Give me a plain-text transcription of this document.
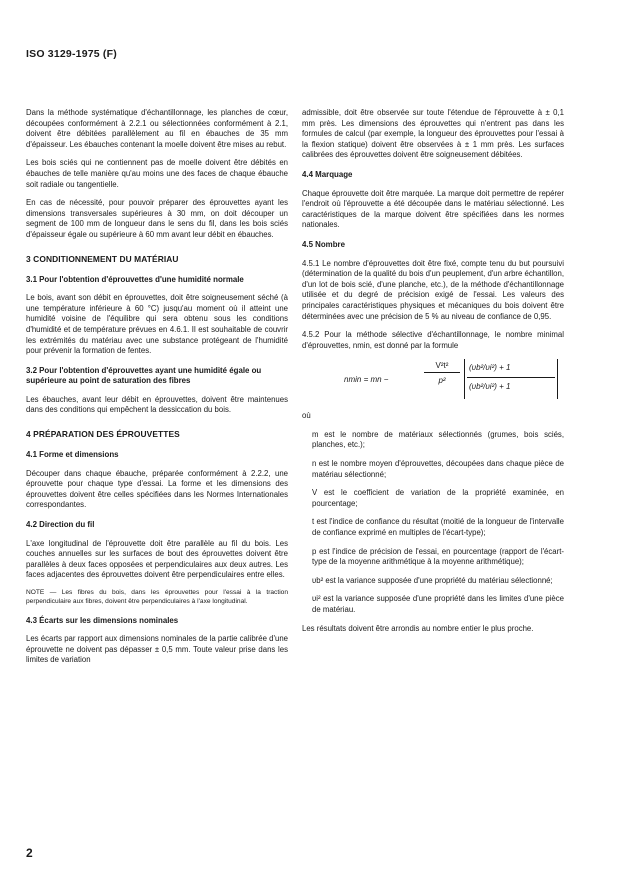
ISO 3129-1975 (F)

Dans la méthode systématique d'échantillonnage, les planches de cœur, découpées conformément à 2.2.1 ou sélectionnées conformément à 2.1, doivent être débitées parallèlement au fil en ébauches de 35 mm d'épaisseur. Les ébauches contenant la moelle doivent être mises au rebut.

Les bois sciés qui ne contiennent pas de moelle doivent être débités en ébauches de telle manière qu'au moins une des faces de chaque ébauche soit radiale ou tangentielle.

En cas de nécessité, pour pouvoir préparer des éprouvettes ayant les dimensions transversales supérieures à 30 mm, on doit découper un segment de 100 mm de longueur dans le sens du fil, dans les bois sciés d'épaisseur égale ou supérieure à 60 mm avant leur débit en ébauches.

3 CONDITIONNEMENT DU MATÉRIAU
3.1 Pour l'obtention d'éprouvettes d'une humidité normale

Le bois, avant son débit en éprouvettes, doit être soigneusement séché (à une température inférieure à 60 °C) jusqu'au moment où il atteint une humidité voisine de l'équilibre qui sera obtenu sous les conditions d'humidité et de température prévues en 4.6.1. Il est souhaitable de couvrir les extrémités du matériau avec une substance protégeant de l'humidité pour prévenir la formation de fentes.

3.2 Pour l'obtention d'éprouvettes ayant une humidité égale ou supérieure au point de saturation des fibres

Les ébauches, avant leur débit en éprouvettes, doivent être maintenues dans des conditions qui empêchent la dessiccation du bois.

4 PRÉPARATION DES ÉPROUVETTES
4.1 Forme et dimensions

Découper dans chaque ébauche, préparée conformément à 2.2.2, une éprouvette pour chaque type d'essai. La forme et les dimensions des éprouvettes doivent être celles spécifiées dans les Normes Internationales correspondantes.

4.2 Direction du fil

L'axe longitudinal de l'éprouvette doit être parallèle au fil du bois. Les couches annuelles sur les surfaces de bout des éprouvettes doivent être parallèles à deux faces opposées et perpendiculaires aux deux autres. Les faces adjacentes des éprouvettes doivent être perpendiculaires entre elles.

NOTE — Les fibres du bois, dans les éprouvettes pour l'essai à la traction perpendiculaire aux fibres, doivent être perpendiculaires à l'axe longitudinal.
4.3 Écarts sur les dimensions nominales

Les écarts par rapport aux dimensions nominales de la partie calibrée d'une éprouvette ne doivent pas dépasser ± 0,5 mm. Toute valeur prise dans les limites de variation

admissible, doit être observée sur toute l'étendue de l'éprouvette à ± 0,1 mm près. Les dimensions des éprouvettes qui n'entrent pas dans les formules de calcul (par exemple, la longueur des éprouvettes pour l'essai à la flexion statique) doivent être observées à ± 1 mm près. Les surfaces calibrées des éprouvettes doivent être soigneusement débitées.

4.4 Marquage

Chaque éprouvette doit être marquée. La marque doit permettre de repérer l'endroit où l'éprouvette a été découpée dans le matériau sélectionné. Les caractéristiques de la marque doivent être spécifiées dans les normes nationales.

4.5 Nombre

4.5.1 Le nombre d'éprouvettes doit être fixé, compte tenu du but poursuivi (détermination de la qualité du bois d'un peuplement, d'un arbre échantillon, d'un lot de bois scié, d'une planche, etc.), de la méthode d'échantillonnage utilisée et du degré de précision exigé de l'essai. Les valeurs des principales caractéristiques physiques et mécaniques du bois doivent être déterminées avec une précision de 5 % au niveau de confiance de 0,95.

4.5.2 Pour la méthode sélective d'échantillonnage, le nombre minimal d'éprouvettes, nmin, est donné par la formule

nmin = mn −	$\frac{\text{V²t²}}{\text{p²}} (\upsilon b^2/\upsilon i^2) + 1$
(υb²/υi²) + 1

où

m est le nombre de matériaux sélectionnés (grumes, bois sciés, planches, etc.);

n est le nombre moyen d'éprouvettes, découpées dans chaque pièce de matériau sélectionné;

V est le coefficient de variation de la propriété examinée, en pourcentage;

t est l'indice de confiance du résultat (moitié de la longueur de l'intervalle de confiance exprimé en multiples de l'écart-type);

p est l'indice de précision de l'essai, en pourcentage (rapport de l'écart-type de la moyenne arithmétique à la moyenne arithmétique);

υb² est la variance supposée d'une propriété du matériau sélectionné;

υi² est la variance supposée d'une propriété dans les limites d'une pièce de matériau.

Les résultats doivent être arrondis au nombre entier le plus proche.

2
